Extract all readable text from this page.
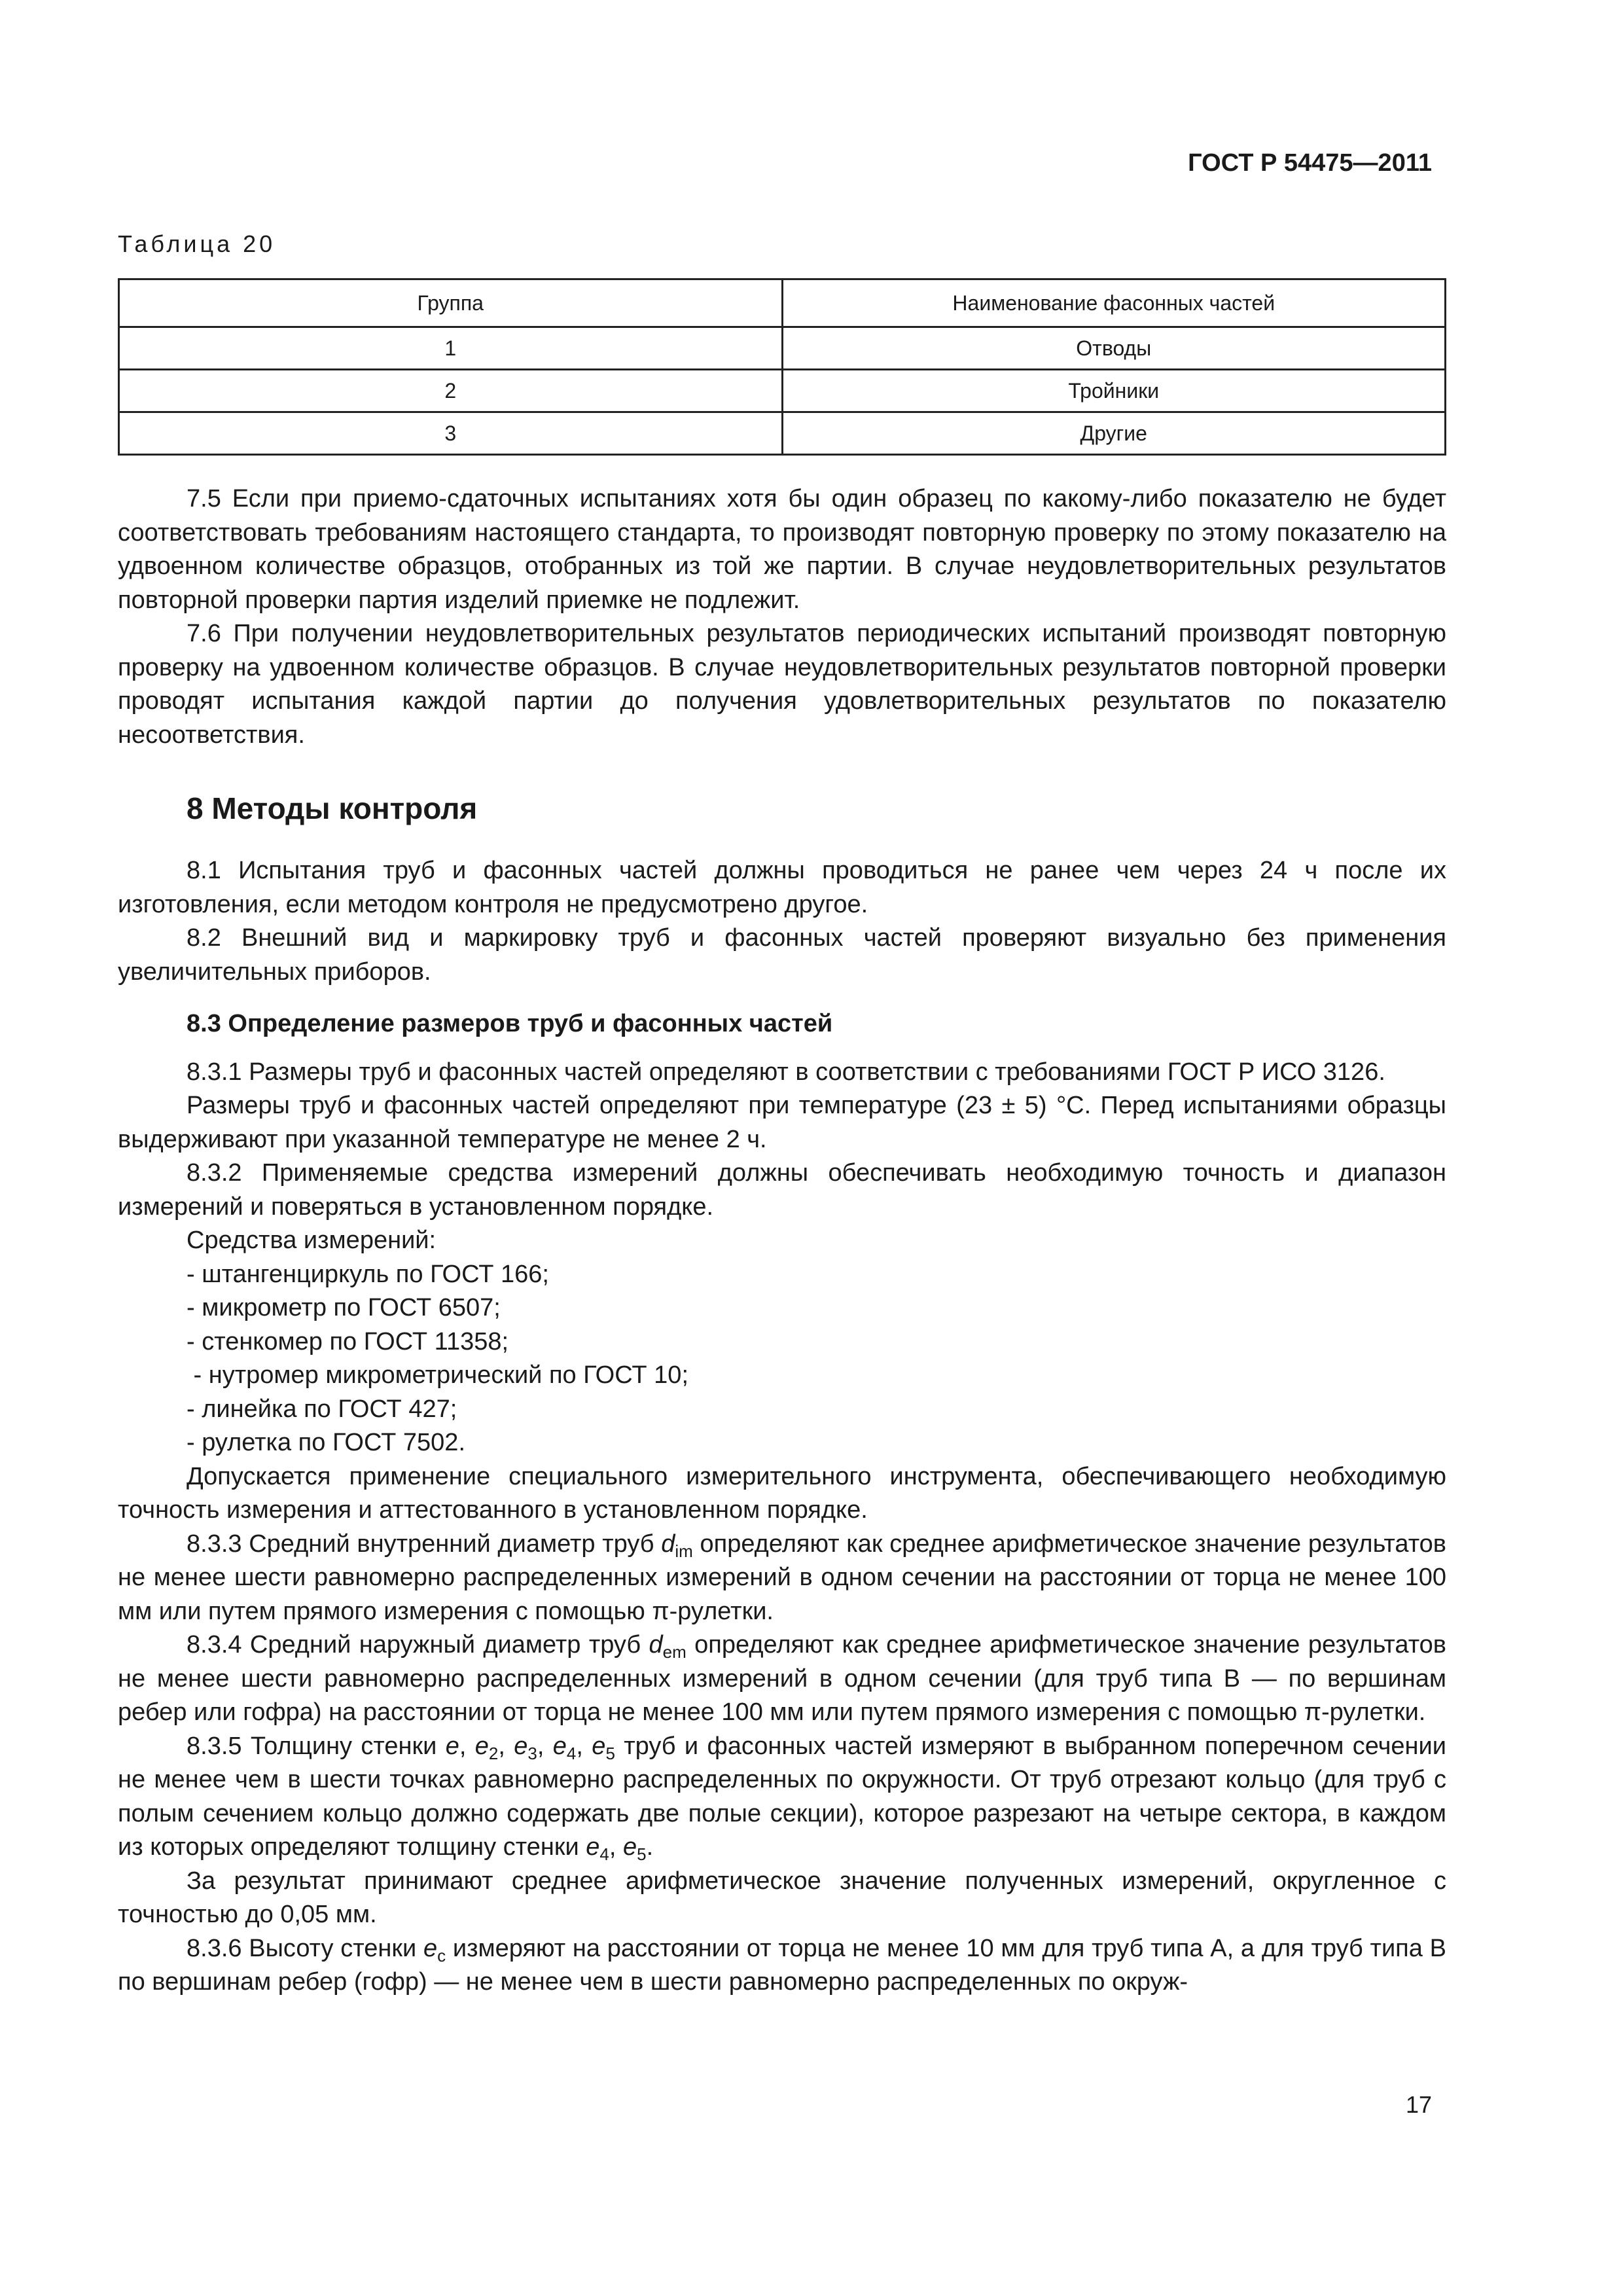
ГОСТ Р 54475—2011
Таблица 20
Группа	Наименование фасонных частей
1	Отводы
2	Тройники
3	Другие

7.5 Если при приемо-сдаточных испытаниях хотя бы один образец по какому-либо показателю не будет соответствовать требованиям настоящего стандарта, то производят повторную проверку по этому показателю на удвоенном количестве образцов, отобранных из той же партии. В случае неудовлетворительных результатов повторной проверки партия изделий приемке не подлежит.

7.6 При получении неудовлетворительных результатов периодических испытаний производят повторную проверку на удвоенном количестве образцов. В случае неудовлетворительных результатов повторной проверки проводят испытания каждой партии до получения удовлетворительных результатов по показателю несоответствия.

8 Методы контроля

8.1 Испытания труб и фасонных частей должны проводиться не ранее чем через 24 ч после их изготовления, если методом контроля не предусмотрено другое.

8.2 Внешний вид и маркировку труб и фасонных частей проверяют визуально без применения увеличительных приборов.

8.3 Определение размеров труб и фасонных частей

8.3.1 Размеры труб и фасонных частей определяют в соответствии с требованиями ГОСТ Р ИСО 3126.

Размеры труб и фасонных частей определяют при температуре (23 ± 5) °С. Перед испытаниями образцы выдерживают при указанной температуре не менее 2 ч.

8.3.2 Применяемые средства измерений должны обеспечивать необходимую точность и диапазон измерений и поверяться в установленном порядке.

Средства измерений:

- штангенциркуль по ГОСТ 166;
- микрометр по ГОСТ 6507;
- стенкомер по ГОСТ 11358;
- нутромер микрометрический по ГОСТ 10;
- линейка по ГОСТ 427;
- рулетка по ГОСТ 7502.

Допускается применение специального измерительного инструмента, обеспечивающего необходимую точность измерения и аттестованного в установленном порядке.

8.3.3 Средний внутренний диаметр труб $d_{im}$ определяют как среднее арифметическое значение результатов не менее шести равномерно распределенных измерений в одном сечении на расстоянии от торца не менее 100 мм или путем прямого измерения с помощью π-рулетки.

8.3.4 Средний наружный диаметр труб $d_{em}$ определяют как среднее арифметическое значение результатов не менее шести равномерно распределенных измерений в одном сечении (для труб типа В — по вершинам ребер или гофра) на расстоянии от торца не менее 100 мм или путем прямого измерения с помощью π-рулетки.

8.3.5 Толщину стенки e, $e_2$, $e_3$, $e_4$, $e_5$ труб и фасонных частей измеряют в выбранном поперечном сечении не менее чем в шести точках равномерно распределенных по окружности. От труб отрезают кольцо (для труб с полым сечением кольцо должно содержать две полые секции), которое разрезают на четыре сектора, в каждом из которых определяют толщину стенки $e_4$, $e_5$.

За результат принимают среднее арифметическое значение полученных измерений, округленное с точностью до 0,05 мм.

8.3.6 Высоту стенки $e_c$ измеряют на расстоянии от торца не менее 10 мм для труб типа А, а для труб типа В по вершинам ребер (гофр) — не менее чем в шести равномерно распределенных по окруж-

17
